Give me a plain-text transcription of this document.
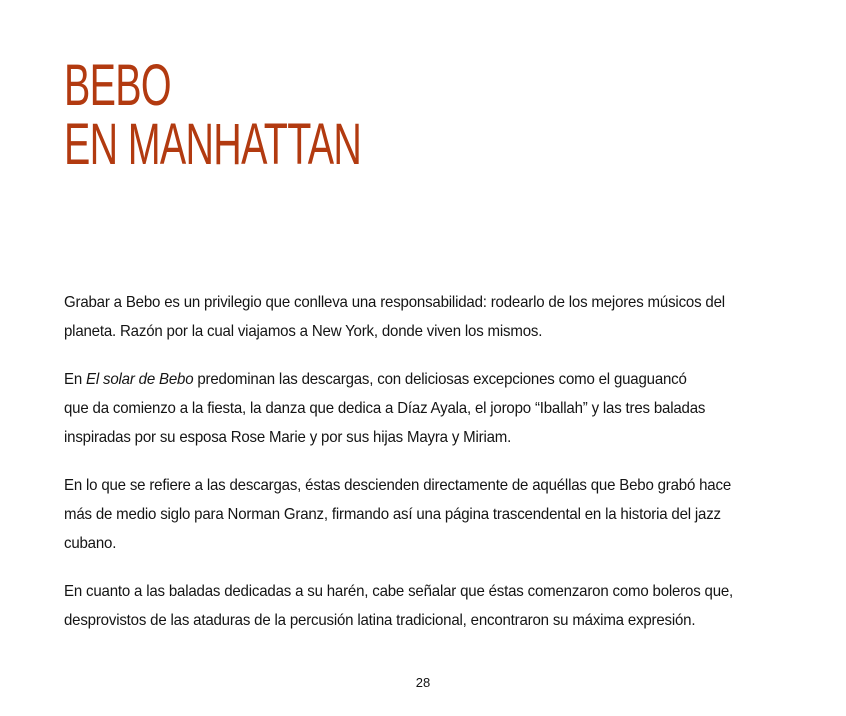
BEBO
EN MANHATTAN

Grabar a Bebo es un privilegio que conlleva una responsabilidad: rodearlo de los mejores músicos del
planeta. Razón por la cual viajamos a New York, donde viven los mismos.

En El solar de Bebo predominan las descargas, con deliciosas excepciones como el guaguancó
que da comienzo a la fiesta, la danza que dedica a Díaz Ayala, el joropo “Iballah” y las tres baladas
inspiradas por su esposa Rose Marie y por sus hijas Mayra y Miriam.

En lo que se refiere a las descargas, éstas descienden directamente de aquéllas que Bebo grabó hace
más de medio siglo para Norman Granz, firmando así una página trascendental en la historia del jazz
cubano.

En cuanto a las baladas dedicadas a su harén, cabe señalar que éstas comenzaron como boleros que,
desprovistos de las ataduras de la percusión latina tradicional, encontraron su máxima expresión.

28
